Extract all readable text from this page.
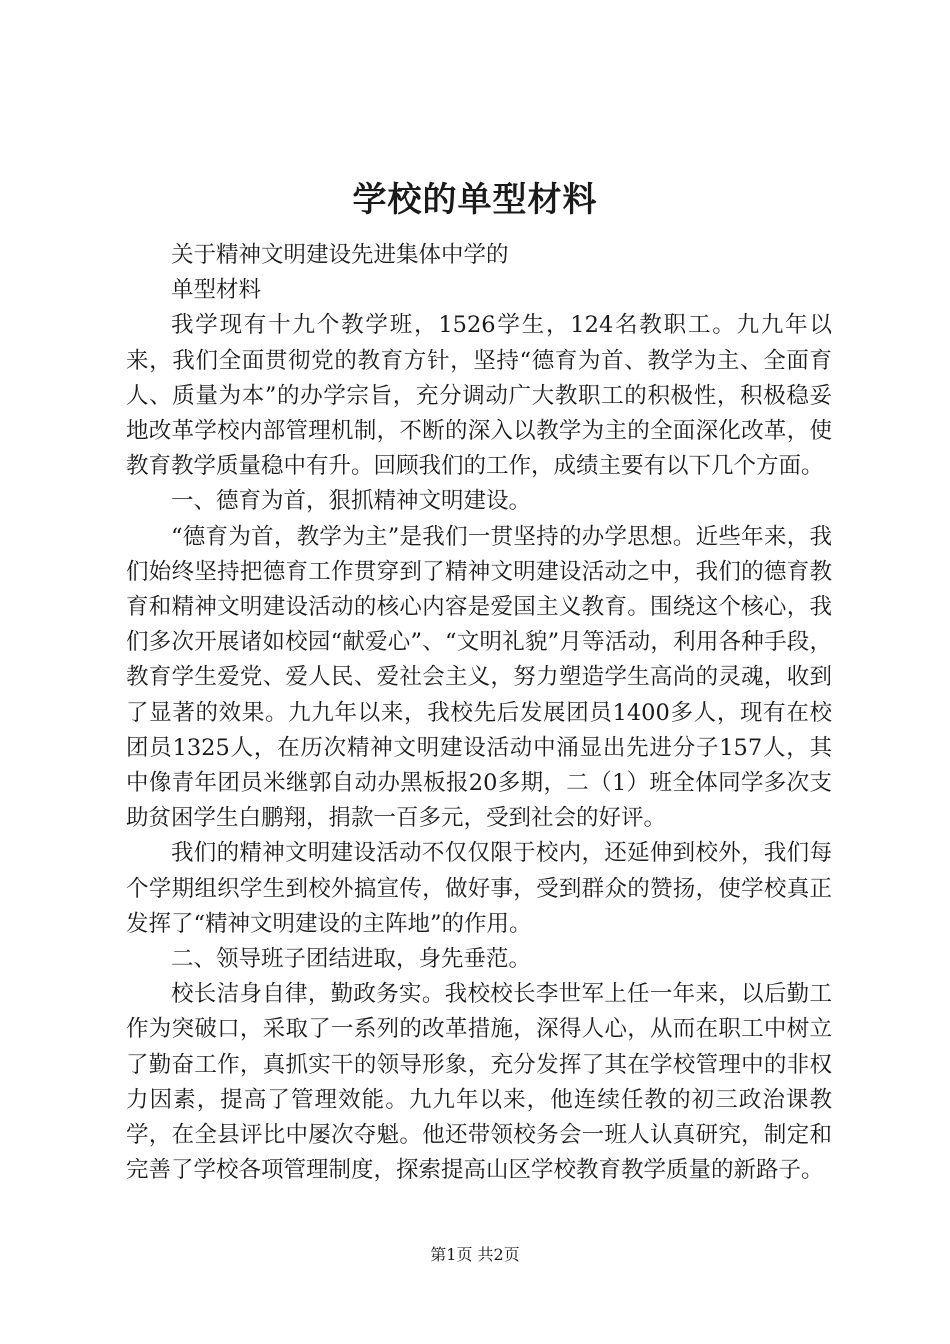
学校的单型材料

关于精神文明建设先进集体中学的

单型材料

我学现有十九个教学班，1526学生，124名教职工。九九年以来，我们全面贯彻党的教育方针，坚持“德育为首、教学为主、全面育人、质量为本”的办学宗旨，充分调动广大教职工的积极性，积极稳妥地改革学校内部管理机制，不断的深入以教学为主的全面深化改革，使教育教学质量稳中有升。回顾我们的工作，成绩主要有以下几个方面。

一、德育为首，狠抓精神文明建设。

“德育为首，教学为主”是我们一贯坚持的办学思想。近些年来，我们始终坚持把德育工作贯穿到了精神文明建设活动之中，我们的德育教育和精神文明建设活动的核心内容是爱国主义教育。围绕这个核心，我们多次开展诸如校园“献爱心”、“文明礼貌”月等活动，利用各种手段，教育学生爱党、爱人民、爱社会主义，努力塑造学生高尚的灵魂，收到了显著的效果。九九年以来，我校先后发展团员1400多人，现有在校团员1325人，在历次精神文明建设活动中涌显出先进分子157人，其中像青年团员米继郭自动办黑板报20多期，二（1）班全体同学多次支助贫困学生白鹏翔，捐款一百多元，受到社会的好评。

我们的精神文明建设活动不仅仅限于校内，还延伸到校外，我们每个学期组织学生到校外搞宣传，做好事，受到群众的赞扬，使学校真正发挥了“精神文明建设的主阵地”的作用。

二、领导班子团结进取，身先垂范。

校长洁身自律，勤政务实。我校校长李世军上任一年来，以后勤工作为突破口，采取了一系列的改革措施，深得人心，从而在职工中树立了勤奋工作，真抓实干的领导形象，充分发挥了其在学校管理中的非权力因素，提高了管理效能。九九年以来，他连续任教的初三政治课教学，在全县评比中屡次夺魁。他还带领校务会一班人认真研究，制定和完善了学校各项管理制度，探索提高山区学校教育教学质量的新路子。

第1页 共2页
